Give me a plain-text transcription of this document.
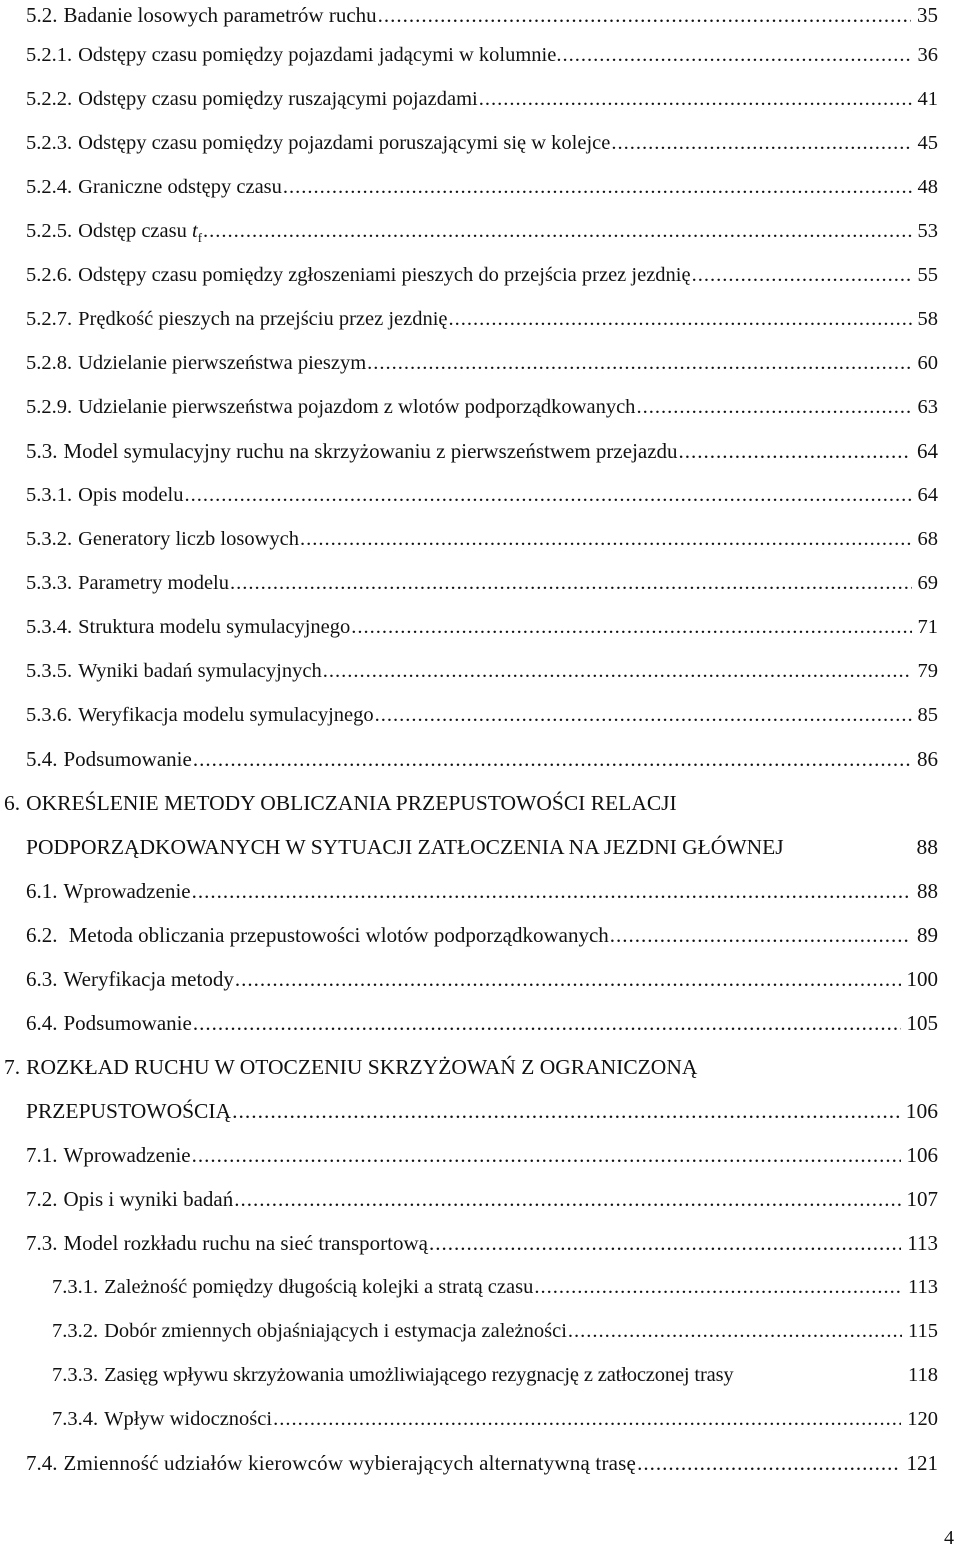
5.2. Badanie losowych parametrów ruchu .....	35
5.2.1. Odstępy czasu pomiędzy pojazdami jadącymi w kolumnie. .....	36
5.2.2. Odstępy czasu pomiędzy ruszającymi pojazdami .....	41
5.2.3. Odstępy czasu pomiędzy pojazdami poruszającymi się w kolejce .....	45
5.2.4. Graniczne odstępy czasu .....	48
5.2.5. Odstęp czasu $t_f$ .....	53
5.2.6. Odstępy czasu pomiędzy zgłoszeniami pieszych do przejścia przez jezdnię .....	55
5.2.7. Prędkość pieszych na przejściu przez jezdnię .....	58
5.2.8. Udzielanie pierwszeństwa pieszym .....	60
5.2.9. Udzielanie pierwszeństwa pojazdom z wlotów podporządkowanych .....	63
5.3. Model symulacyjny ruchu na skrzyżowaniu z pierwszeństwem przejazdu .....	64
5.3.1. Opis modelu .....	64
5.3.2. Generatory liczb losowych .....	68
5.3.3. Parametry modelu .....	69
5.3.4. Struktura modelu symulacyjnego .....	71
5.3.5. Wyniki badań symulacyjnych .....	79
5.3.6. Weryfikacja modelu symulacyjnego .....	85
5.4. Podsumowanie .....	86
6. OKREŚLENIE METODY OBLICZANIA PRZEPUSTOWOŚCI RELACJI
PODPORZĄDKOWANYCH W SYTUACJI ZATŁOCZENIA NA JEZDNI GŁÓWNEJ	88
6.1. Wprowadzenie .....	88
6.2. Metoda obliczania przepustowości wlotów podporządkowanych .....	89
6.3. Weryfikacja metody .....	100
6.4. Podsumowanie .....	105
7. ROZKŁAD RUCHU W OTOCZENIU SKRZYŻOWAŃ Z OGRANICZONĄ
PRZEPUSTOWOŚCIĄ .....	106
7.1. Wprowadzenie .....	106
7.2. Opis i wyniki badań .....	107
7.3. Model rozkładu ruchu na sieć transportową .....	113
7.3.1. Zależność pomiędzy długością kolejki a stratą czasu .....	113
7.3.2. Dobór zmiennych objaśniających i estymacja zależności .....	115
7.3.3. Zasięg wpływu skrzyżowania umożliwiającego rezygnację z zatłoczonej trasy	118
7.3.4. Wpływ widoczności .....	120
7.4. Zmienność udziałów kierowców wybierających alternatywną trasę .....	121
4
